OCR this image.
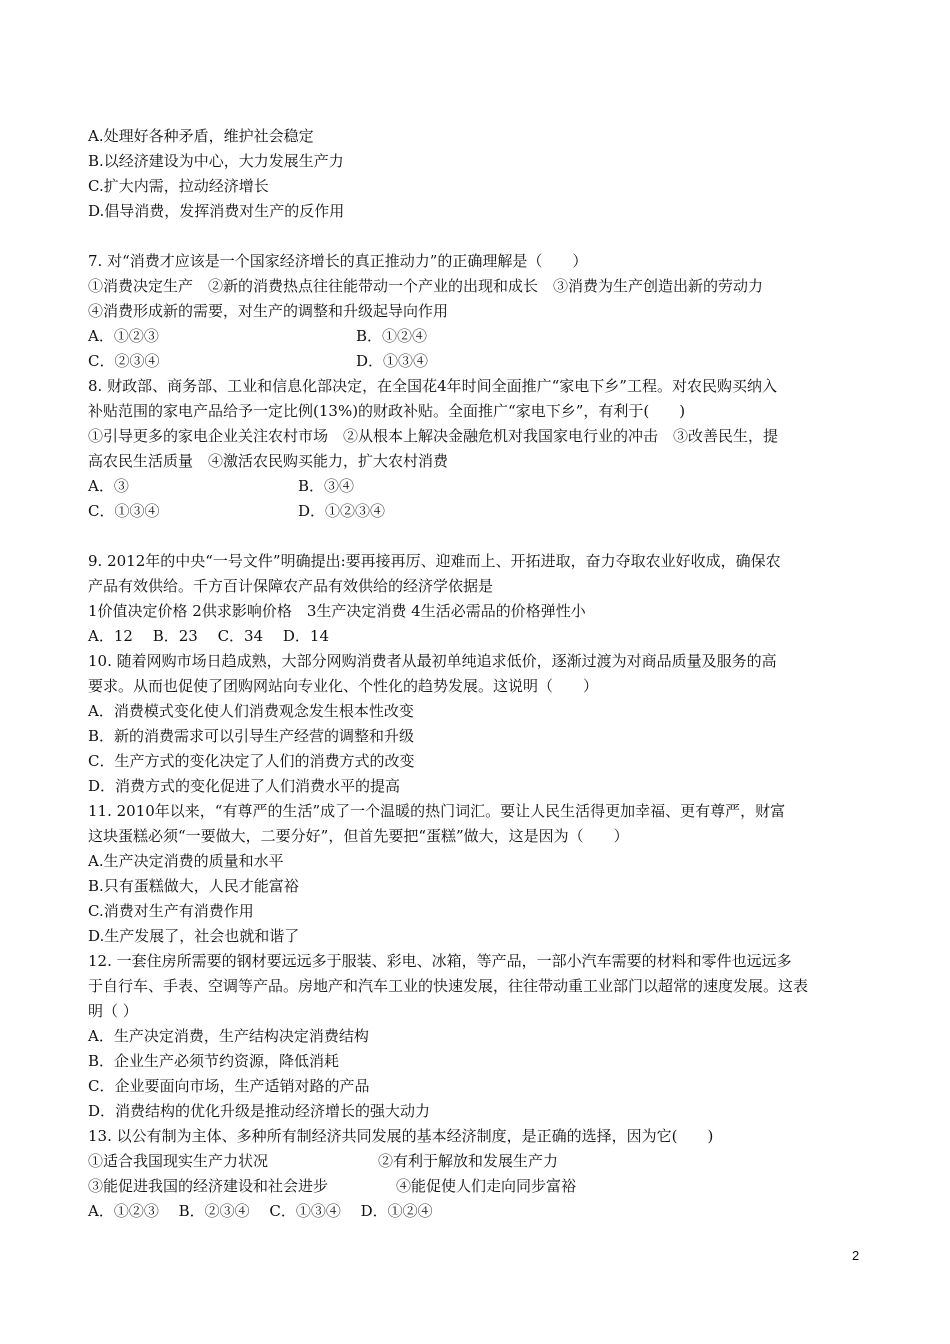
A.处理好各种矛盾，维护社会稳定
B.以经济建设为中心，大力发展生产力
C.扩大内需，拉动经济增长
D.倡导消费，发挥消费对生产的反作用
7. 对“消费才应该是一个国家经济增长的真正推动力”的正确理解是（　　）
①消费决定生产　②新的消费热点往往能带动一个产业的出现和成长　③消费为生产创造出新的劳动力
④消费形成新的需要，对生产的调整和升级起导向作用
A．①②③	B．①②④
C．②③④	D．①③④
8. 财政部、商务部、工业和信息化部决定，在全国花4年时间全面推广“家电下乡”工程。对农民购买纳入
补贴范围的家电产品给予一定比例(13%)的财政补贴。全面推广“家电下乡”，有利于(　　)
①引导更多的家电企业关注农村市场　②从根本上解决金融危机对我国家电行业的冲击　③改善民生，提
高农民生活质量　④激活农民购买能力，扩大农村消费
A．③	B．③④
C．①③④	D．①②③④
9. 2012年的中央“一号文件”明确提出:要再接再厉、迎难而上、开拓进取，奋力夺取农业好收成，确保农
产品有效供给。千方百计保障农产品有效供给的经济学依据是
1价值决定价格 2供求影响价格　3生产决定消费 4生活必需品的价格弹性小
A．12　 B．23　 C．34　 D．14
10. 随着网购市场日趋成熟，大部分网购消费者从最初单纯追求低价，逐渐过渡为对商品质量及服务的高
要求。从而也促使了团购网站向专业化、个性化的趋势发展。这说明（　　）
A．消费模式变化使人们消费观念发生根本性改变
B．新的消费需求可以引导生产经营的调整和升级
C．生产方式的变化决定了人们的消费方式的改变
D．消费方式的变化促进了人们消费水平的提高
11. 2010年以来，“有尊严的生活”成了一个温暖的热门词汇。要让人民生活得更加幸福、更有尊严，财富
这块蛋糕必须“一要做大，二要分好”，但首先要把“蛋糕”做大，这是因为（　　）
A.生产决定消费的质量和水平
B.只有蛋糕做大，人民才能富裕
C.消费对生产有消费作用
D.生产发展了，社会也就和谐了
12. 一套住房所需要的钢材要远远多于服装、彩电、冰箱，等产品，一部小汽车需要的材料和零件也远远多
于自行车、手表、空调等产品。房地产和汽车工业的快速发展，往往带动重工业部门以超常的速度发展。这表
明（ ）
A．生产决定消费，生产结构决定消费结构
B．企业生产必须节约资源，降低消耗
C．企业要面向市场，生产适销对路的产品
D．消费结构的优化升级是推动经济增长的强大动力
13. 以公有制为主体、多种所有制经济共同发展的基本经济制度，是正确的选择，因为它(　　)
①适合我国现实生产力状况	②有利于解放和发展生产力
③能促进我国的经济建设和社会进步	④能促使人们走向同步富裕
A．①②③　 B．②③④　 C．①③④　 D．①②④
2
